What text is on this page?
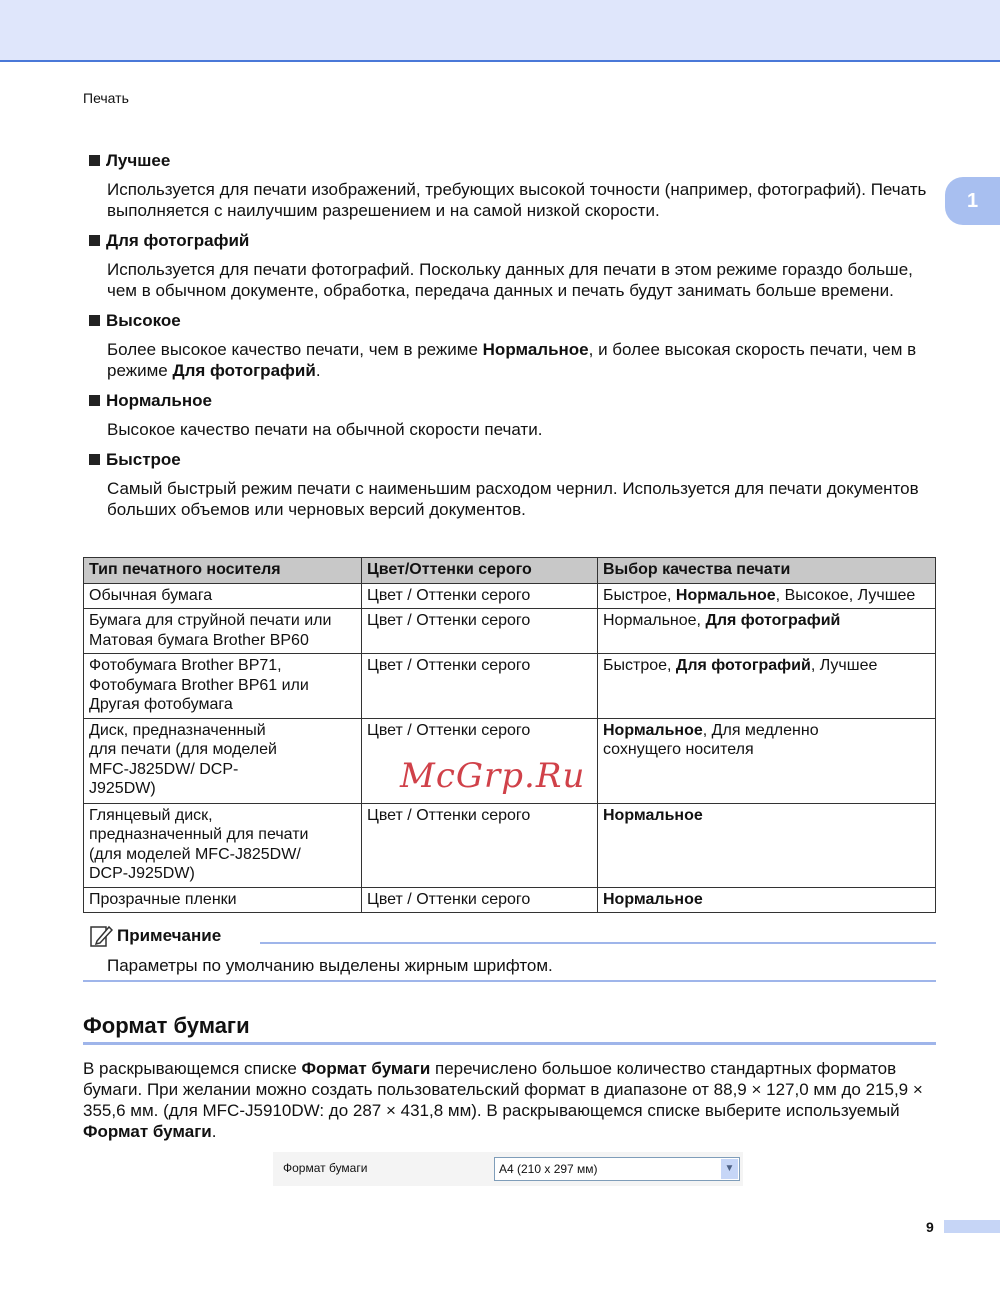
Печать
1
Лучшее

Используется для печати изображений, требующих высокой точности (например, фотографий). Печать выполняется с наилучшим разрешением и на самой низкой скорости.

Для фотографий

Используется для печати фотографий. Поскольку данных для печати в этом режиме гораздо больше, чем в обычном документе, обработка, передача данных и печать будут занимать больше времени.

Высокое

Более высокое качество печати, чем в режиме Нормальное, и более высокая скорость печати, чем в режиме Для фотографий.

Нормальное

Высокое качество печати на обычной скорости печати.

Быстрое

Самый быстрый режим печати с наименьшим расходом чернил. Используется для печати документов больших объемов или черновых версий документов.

Тип печатного носителя	Цвет/Оттенки серого	Выбор качества печати
Обычная бумага	Цвет / Оттенки серого	Быстрое, Нормальное, Высокое, Лучшее
Бумага для струйной печати или Матовая бумага Brother BP60	Цвет / Оттенки серого	Нормальное, Для фотографий
Фотобумага Brother BP71, Фотобумага Brother BP61 или Другая фотобумага	Цвет / Оттенки серого	Быстрое, Для фотографий, Лучшее
Диск, предназначенный для печати (для моделей MFC-J825DW/ DCP-J925DW)	Цвет / Оттенки серого	Нормальное, Для медленно сохнущего носителя
Глянцевый диск, предназначенный для печати (для моделей MFC-J825DW/ DCP-J925DW)	Цвет / Оттенки серого	Нормальное
Прозрачные пленки	Цвет / Оттенки серого	Нормальное
McGrp.Ru
Примечание
Параметры по умолчанию выделены жирным шрифтом.
Формат бумаги
В раскрывающемся списке Формат бумаги перечислено большое количество стандартных форматов бумаги. При желании можно создать пользовательский формат в диапазоне от 88,9 × 127,0 мм до 215,9 × 355,6 мм. (для MFC-J5910DW: до 287 × 431,8 мм). В раскрывающемся списке выберите используемый Формат бумаги.
Формат бумаги	A4 (210 x 297 мм)	▼
9
